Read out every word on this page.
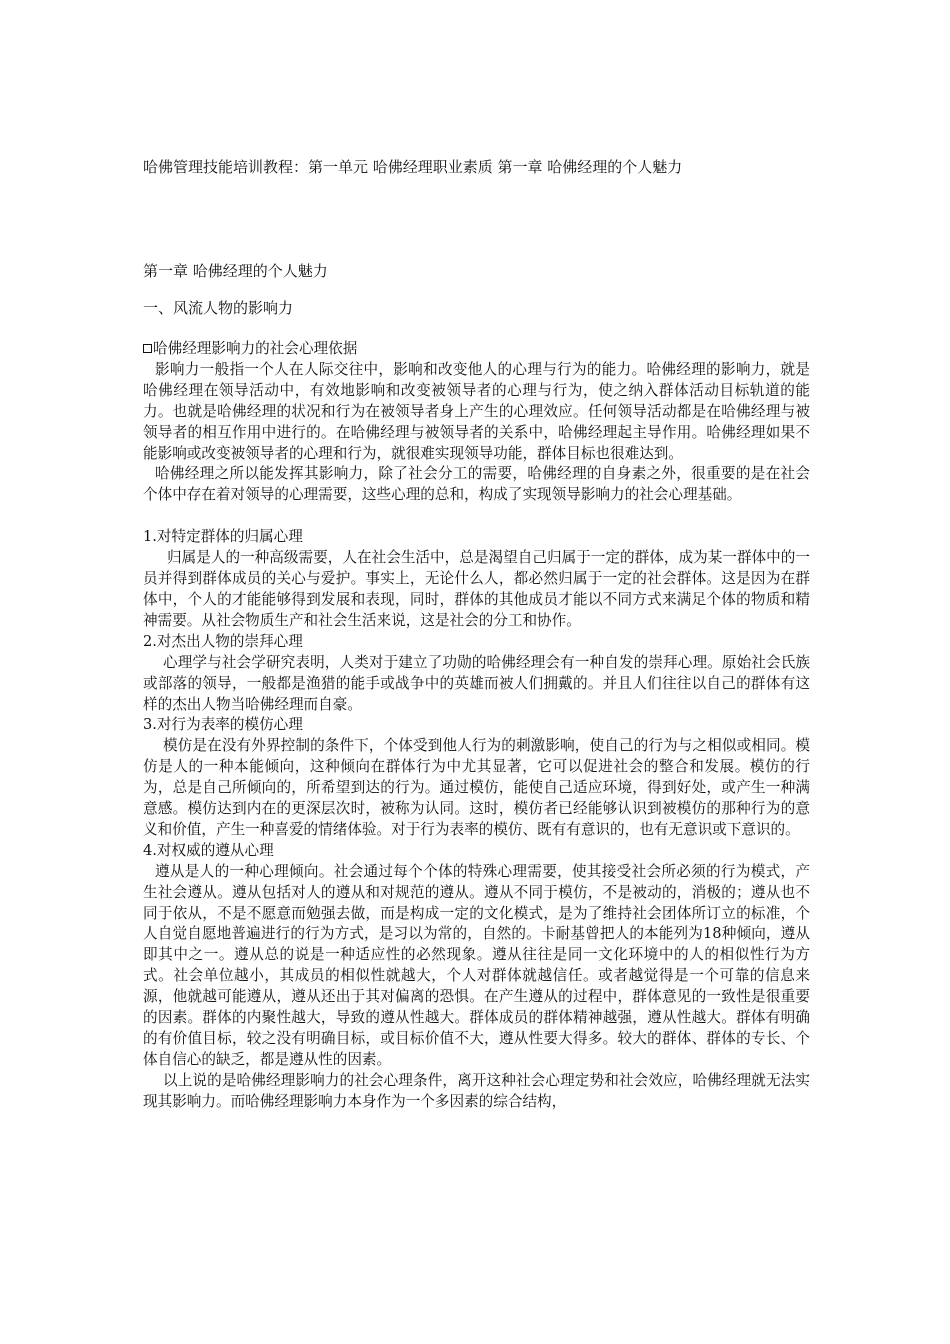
哈佛管理技能培训教程：第一单元 哈佛经理职业素质 第一章 哈佛经理的个人魅力
第一章 哈佛经理的个人魅力
一、风流人物的影响力

哈佛经理影响力的社会心理依据

影响力一般指一个人在人际交往中，影响和改变他人的心理与行为的能力。哈佛经理的影响力，就是哈佛经理在领导活动中，有效地影响和改变被领导者的心理与行为，使之纳入群体活动目标轨道的能力。也就是哈佛经理的状况和行为在被领导者身上产生的心理效应。任何领导活动都是在哈佛经理与被领导者的相互作用中进行的。在哈佛经理与被领导者的关系中，哈佛经理起主导作用。哈佛经理如果不能影响或改变被领导者的心理和行为，就很难实现领导功能，群体目标也很难达到。

哈佛经理之所以能发挥其影响力，除了社会分工的需要，哈佛经理的自身素之外，很重要的是在社会个体中存在着对领导的心理需要，这些心理的总和，构成了实现领导影响力的社会心理基础。

1.对特定群体的归属心理

归属是人的一种高级需要，人在社会生活中，总是渴望自己归属于一定的群体，成为某一群体中的一员并得到群体成员的关心与爱护。事实上，无论什么人，都必然归属于一定的社会群体。这是因为在群体中，个人的才能能够得到发展和表现，同时，群体的其他成员才能以不同方式来满足个体的物质和精神需要。从社会物质生产和社会生活来说，这是社会的分工和协作。

2.对杰出人物的崇拜心理

心理学与社会学研究表明，人类对于建立了功勋的哈佛经理会有一种自发的崇拜心理。原始社会氏族或部落的领导，一般都是渔猎的能手或战争中的英雄而被人们拥戴的。并且人们往往以自己的群体有这样的杰出人物当哈佛经理而自豪。

3.对行为表率的模仿心理

模仿是在没有外界控制的条件下，个体受到他人行为的刺激影响，使自己的行为与之相似或相同。模仿是人的一种本能倾向，这种倾向在群体行为中尤其显著，它可以促进社会的整合和发展。模仿的行为，总是自己所倾向的，所希望到达的行为。通过模仿，能使自己适应环境，得到好处，或产生一种满意感。模仿达到内在的更深层次时，被称为认同。这时，模仿者已经能够认识到被模仿的那种行为的意义和价值，产生一种喜爱的情绪体验。对于行为表率的模仿、既有有意识的，也有无意识或下意识的。

4.对权威的遵从心理

遵从是人的一种心理倾向。社会通过每个个体的特殊心理需要，使其接受社会所必须的行为模式，产生社会遵从。遵从包括对人的遵从和对规范的遵从。遵从不同于模仿，不是被动的，消极的；遵从也不同于依从，不是不愿意而勉强去做，而是构成一定的文化模式，是为了维持社会团体所订立的标准，个人自觉自愿地普遍进行的行为方式，是习以为常的，自然的。卡耐基曾把人的本能列为18种倾向，遵从即其中之一。遵从总的说是一种适应性的必然现象。遵从往往是同一文化环境中的人的相似性行为方式。社会单位越小，其成员的相似性就越大，个人对群体就越信任。或者越觉得是一个可靠的信息来源，他就越可能遵从，遵从还出于其对偏离的恐惧。在产生遵从的过程中，群体意见的一致性是很重要的因素。群体的内聚性越大，导致的遵从性越大。群体成员的群体精神越强，遵从性越大。群体有明确的有价值目标，较之没有明确目标，或目标价值不大，遵从性要大得多。较大的群体、群体的专长、个体自信心的缺乏，都是遵从性的因素。

以上说的是哈佛经理影响力的社会心理条件，离开这种社会心理定势和社会效应，哈佛经理就无法实现其影响力。而哈佛经理影响力本身作为一个多因素的综合结构，
